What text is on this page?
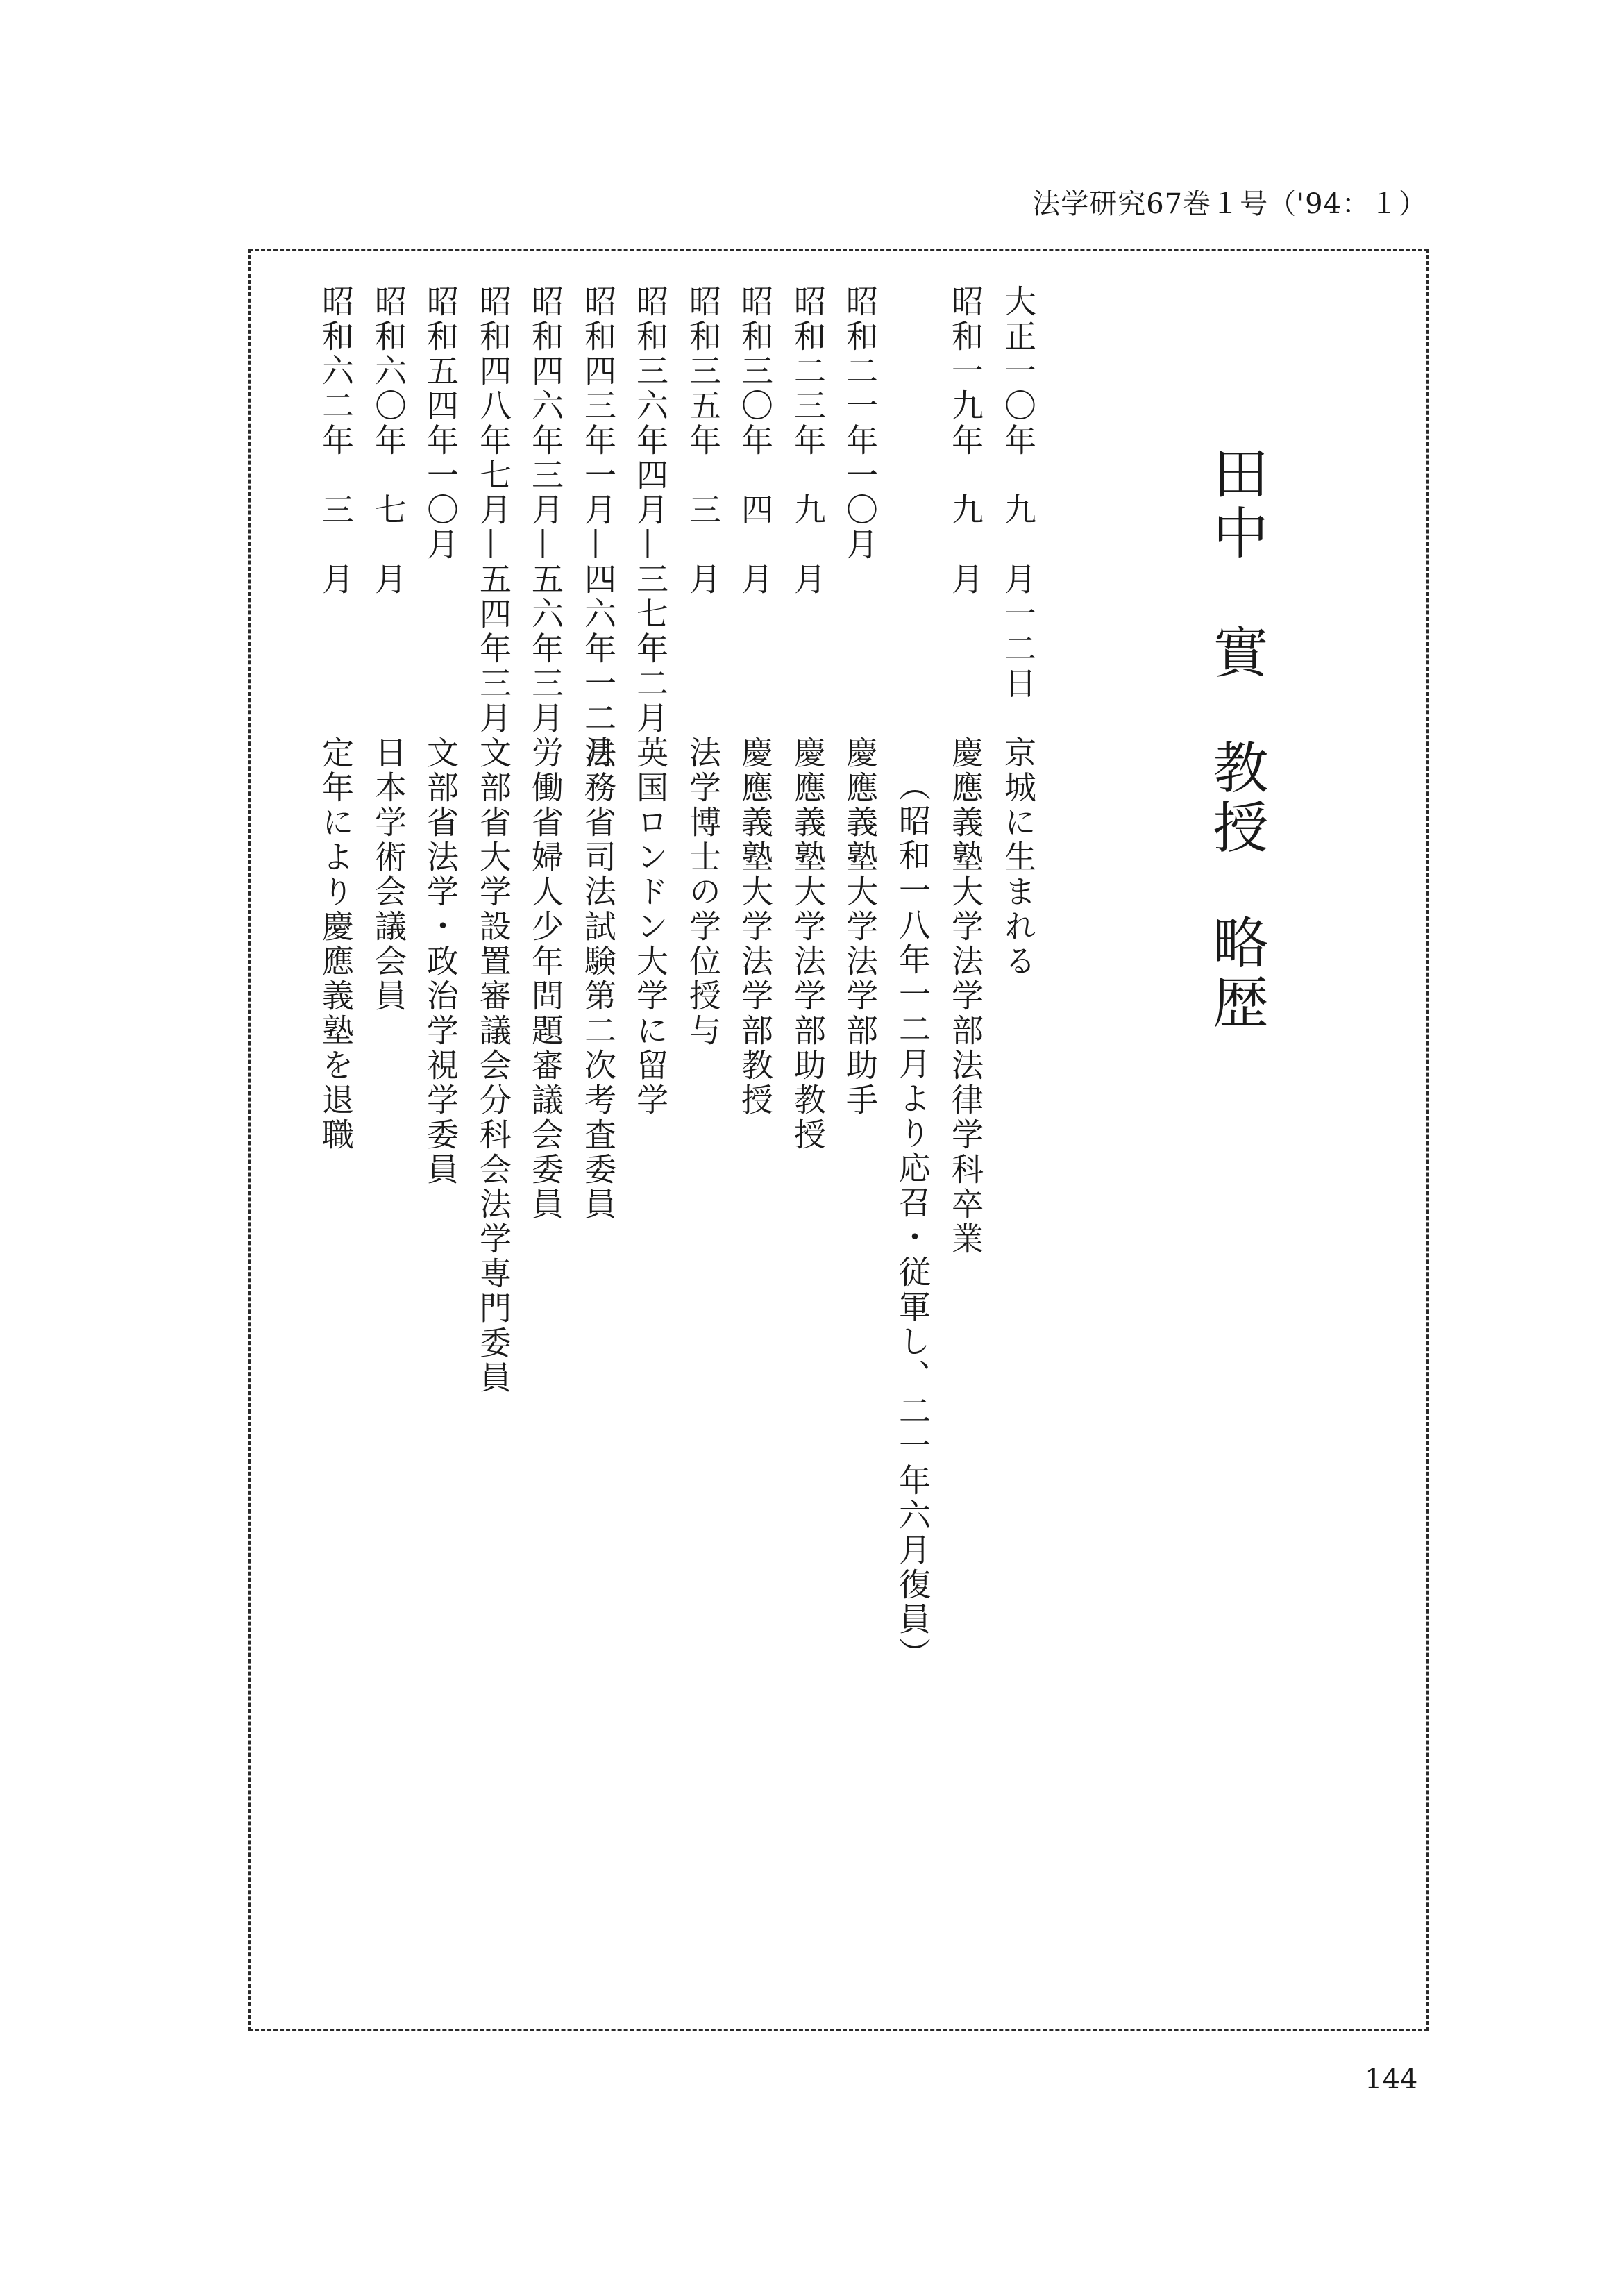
法学研究67巻１号（'94：１）
田中　實教授略歴
大正一〇年　九　月一二日
京城に生まれる
昭和一九年　九　月
慶應義塾大学法学部法律学科卒業
（昭和一八年一二月より応召・従軍し、二一年六月復員）
昭和二一年一〇月
慶應義塾大学法学部助手
昭和二三年　九　月
慶應義塾大学法学部助教授
昭和三〇年　四　月
慶應義塾大学法学部教授
昭和三五年　三　月
法学博士の学位授与
昭和三六年四月—三七年二月
英国ロンドン大学に留学
昭和四三年一月—四六年一二月
法務省司法試験第二次考査委員
昭和四六年三月—五六年三月
労働省婦人少年問題審議会委員
昭和四八年七月—五四年三月
文部省大学設置審議会分科会法学専門委員
昭和五四年一〇月
文部省法学・政治学視学委員
昭和六〇年　七　月
日本学術会議会員
昭和六二年　三　月
定年により慶應義塾を退職
144
